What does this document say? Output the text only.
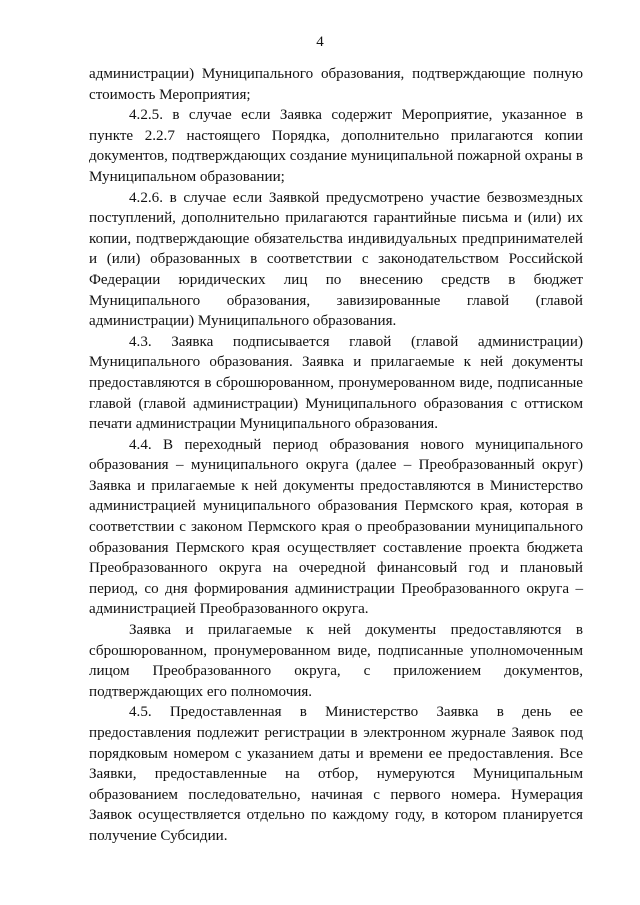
4

администрации) Муниципального образования, подтверждающие полную стоимость Мероприятия;

4.2.5. в случае если Заявка содержит Мероприятие, указанное в пункте 2.2.7 настоящего Порядка, дополнительно прилагаются копии документов, подтверждающих создание муниципальной пожарной охраны в Муниципальном образовании;

4.2.6. в случае если Заявкой предусмотрено участие безвозмездных поступлений, дополнительно прилагаются гарантийные письма и (или) их копии, подтверждающие обязательства индивидуальных предпринимателей и (или) образованных в соответствии с законодательством Российской Федерации юридических лиц по внесению средств в бюджет Муниципального образования, завизированные главой (главой администрации) Муниципального образования.

4.3. Заявка подписывается главой (главой администрации) Муниципального образования. Заявка и прилагаемые к ней документы предоставляются в сброшюрованном, пронумерованном виде, подписанные главой (главой администрации) Муниципального образования с оттиском печати администрации Муниципального образования.

4.4. В переходный период образования нового муниципального образования – муниципального округа (далее – Преобразованный округ) Заявка и прилагаемые к ней документы предоставляются в Министерство администрацией муниципального образования Пермского края, которая в соответствии с законом Пермского края о преобразовании муниципального образования Пермского края осуществляет составление проекта бюджета Преобразованного округа на очередной финансовый год и плановый период, со дня формирования администрации Преобразованного округа – администрацией Преобразованного округа.

Заявка и прилагаемые к ней документы предоставляются в сброшюрованном, пронумерованном виде, подписанные уполномоченным лицом Преобразованного округа, с приложением документов, подтверждающих его полномочия.

4.5. Предоставленная в Министерство Заявка в день ее предоставления подлежит регистрации в электронном журнале Заявок под порядковым номером с указанием даты и времени ее предоставления. Все Заявки, предоставленные на отбор, нумеруются Муниципальным образованием последовательно, начиная с первого номера. Нумерация Заявок осуществляется отдельно по каждому году, в котором планируется получение Субсидии.
